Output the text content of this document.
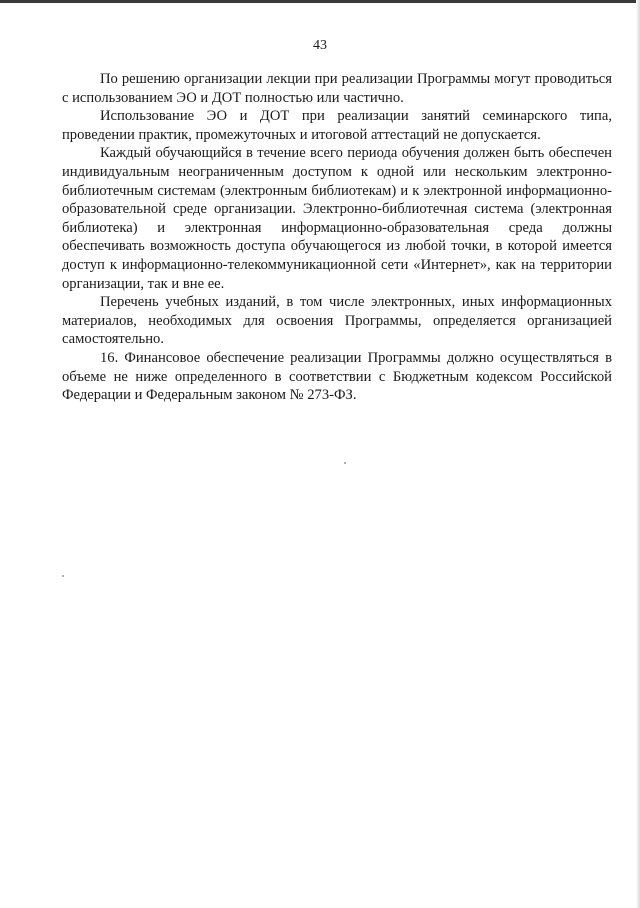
43

По решению организации лекции при реализации Программы могут проводиться с использованием ЭО и ДОТ полностью или частично.

Использование ЭО и ДОТ при реализации занятий семинарского типа, проведении практик, промежуточных и итоговой аттестаций не допускается.

Каждый обучающийся в течение всего периода обучения должен быть обеспечен индивидуальным неограниченным доступом к одной или нескольким электронно-библиотечным системам (электронным библиотекам) и к электронной информационно-образовательной среде организации. Электронно-библиотечная система (электронная библиотека) и электронная информационно-образовательная среда должны обеспечивать возможность доступа обучающегося из любой точки, в которой имеется доступ к информационно-телекоммуникационной сети «Интернет», как на территории организации, так и вне ее.

Перечень учебных изданий, в том числе электронных, иных информационных материалов, необходимых для освоения Программы, определяется организацией самостоятельно.

16. Финансовое обеспечение реализации Программы должно осуществляться в объеме не ниже определенного в соответствии с Бюджетным кодексом Российской Федерации и Федеральным законом № 273-ФЗ.
